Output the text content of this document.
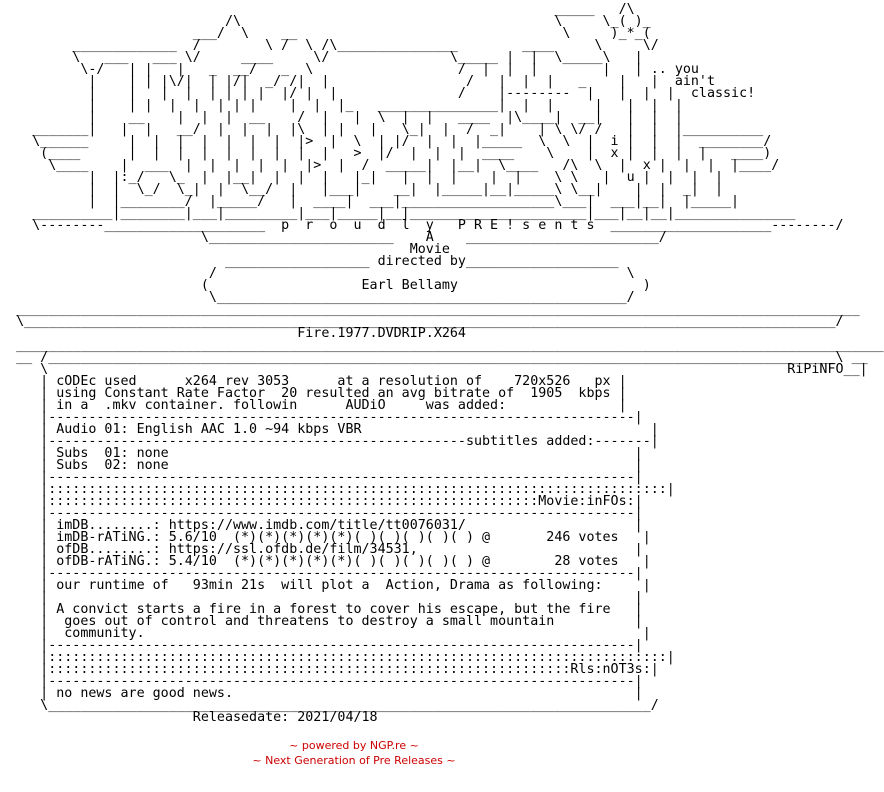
_____   /\
/\                                       \     \_( )_
___/  \    __                                 \     )_*_(
_____________  /        \ /  \ /\_______________        ____     \     \/
\   ___   ___ \/     ____     \/               \_____ |  |  \_____\   |
\-/   | |   |   _  __/   _  \                  /  |  |  |        |   | .. you
|    | | |\/|  | |/|  _/ /|  |                 /   |  |  |   _    |   |  ain't
|    |   |  |  | | | |  |/ |  |               /    |--------  |   |  |  |  classic!
|    | |  |  |  | | |    |  |  |_   _______________|  |  |     |   |  |  |
|    __    |  |  |  __    /  |   |  \  |  |   ____  |\____|  __|   |  |  |
_______|   |  |   __/  |  |  |  |\  | |   |   \_|  |  /  _|    | \ \/ /   |  |  |__________
\______     |  |  |  |  |  |  |  |>  |  \  | |/  |  |  |_____  \  \  |  i |  |  |  ________/
(____      |  |  |  |  |  |  |  |  |   >  |/  |  |  |  ____    \    |  x |  |  |  |   ____)
\____    |  ___  |  |  |  |  |  |>  |  /  _____|  |__|  \____   /\  \  |  x |  |  |  |____/
|  |:_/   \_  |  |__|  |  |  |   |_|   |  |  |    |  |    \ \   |  u |  |  |  |
|  |  \_/  \_|  |  \__/  |   |___|    __|  |_____|__|_____\ \__|    |  |  _|  |
|  |________/  |_____/   |  ____|  ___|___________________\___|  ___|__|  |_____|
__________|________|___|_________|___|_____|__|______________________|___|__|__|_______________
\--------____________________  p  r  o  u  d  l  y   P R E ! s e n t s  ____________________--------/
\_______________________    A    ________________________/
Movie
__________________ directed by___________________
/                                                   \
(                   Earl Bellamy                       )
\___________________________________________________/
_________________________________________________________________________________________________________
\_____________________________________________________________________________________________________/
Fire.1977.DVDRIP.X264
____________________________________________________________________________________________________________
__ /__________________________________________________________________________________________________\ __
\                                                                                            RiPiNFO__|
| cODEc used      x264 rev 3053      at a resolution of    720x526   px |
| using Constant Rate Factor  20 resulted an avg bitrate of  1905  kbps |
| in a  .mkv container. followin      AUDiO     was added:              |
|-------------------------------------------------------------------------|
| Audio 01: English AAC 1.0 ~94 kbps VBR                                    |
|----------------------------------------------------subtitles added:-------|
| Subs  01: none                                                          |
| Subs  02: none                                                          |
|-------------------------------------------------------------------------|
|:::::::::::::::::::::::::::::::::::::::::::::::::::::::::::::::::::::::::::::|
|:::::::::::::::::::::::::::::::::::::::::::::::::::::::::::::Movie:inFOs:|
|-------------------------------------------------------------------------|
| imDB........: https://www.imdb.com/title/tt0076031/                     |
| imDB-rATiNG.: 5.6/10  (*)(*)(*)(*)(*)( )( )( )( )( ) @       246 votes   |
| ofDB........: https://ssl.ofdb.de/film/34531,                           |
| ofDB-rATiNG.: 5.4/10  (*)(*)(*)(*)(*)( )( )( )( )( ) @        28 votes   |
|-------------------------------------------------------------------------|
| our runtime of   93min 21s  will plot a  Action, Drama as following:     |
|                                                                         |
| A convict starts a fire in a forest to cover his escape, but the fire   |
|  goes out of control and threatens to destroy a small mountain          |
|  community.                                                              |
|-------------------------------------------------------------------------|
|:::::::::::::::::::::::::::::::::::::::::::::::::::::::::::::::::::::::::::::|
|:::::::::::::::::::::::::::::::::::::::::::::::::::::::::::::::::Rls:nOT3s:|
|-------------------------------------------------------------------------|
| no news are good news.                                                  |
\___________________________________________________________________________/
Releasedate: 2021/04/18
~ powered by NGP.re ~
~ Next Generation of Pre Releases ~
